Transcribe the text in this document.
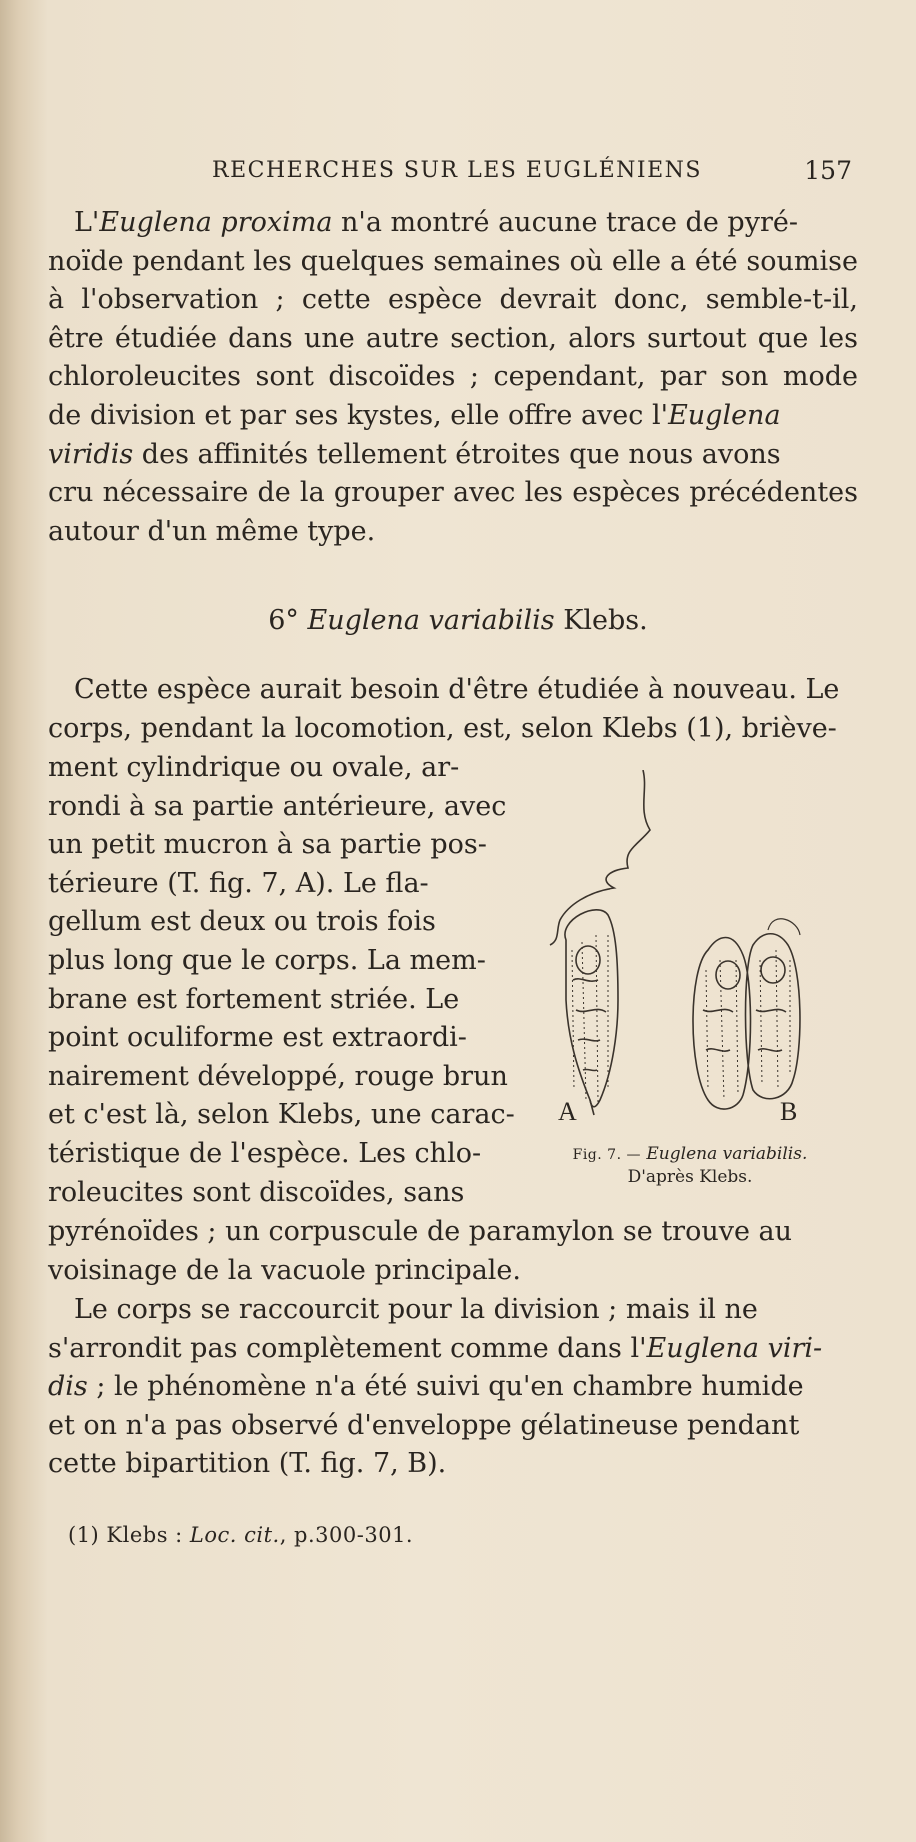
RECHERCHES SUR LES EUGLÉNIENS	157
L'Euglena proxima n'a montré aucune trace de pyré-
noïde pendant les quelques semaines où elle a été soumise
à l'observation ; cette espèce devrait donc, semble-t-il,
être étudiée dans une autre section, alors surtout que les
chloroleucites sont discoïdes ; cependant, par son mode
de division et par ses kystes, elle offre avec l'Euglena
viridis des affinités tellement étroites que nous avons
cru nécessaire de la grouper avec les espèces précédentes
autour d'un même type.
6° Euglena variabilis Klebs.
Cette espèce aurait besoin d'être étudiée à nouveau. Le
corps, pendant la locomotion, est, selon Klebs (1), briève-
ment cylindrique ou ovale, ar-
rondi à sa partie antérieure, avec
un petit mucron à sa partie pos-
térieure (T. fig. 7, A). Le fla-
gellum est deux ou trois fois
plus long que le corps. La mem-
brane est fortement striée. Le
point oculiforme est extraordi-
nairement développé, rouge brun
et c'est là, selon Klebs, une carac-
téristique de l'espèce. Les chlo-
roleucites sont discoïdes, sans
pyrénoïdes ; un corpuscule de paramylon se trouve au
voisinage de la vacuole principale.
Le corps se raccourcit pour la division ; mais il ne
s'arrondit pas complètement comme dans l'Euglena viri-
dis ; le phénomène n'a été suivi qu'en chambre humide
et on n'a pas observé d'enveloppe gélatineuse pendant
cette bipartition (T. fig. 7, B).
A	B
Fig. 7. — Euglena variabilis.
D'après Klebs.
(1) Klebs : Loc. cit., p.300-301.
